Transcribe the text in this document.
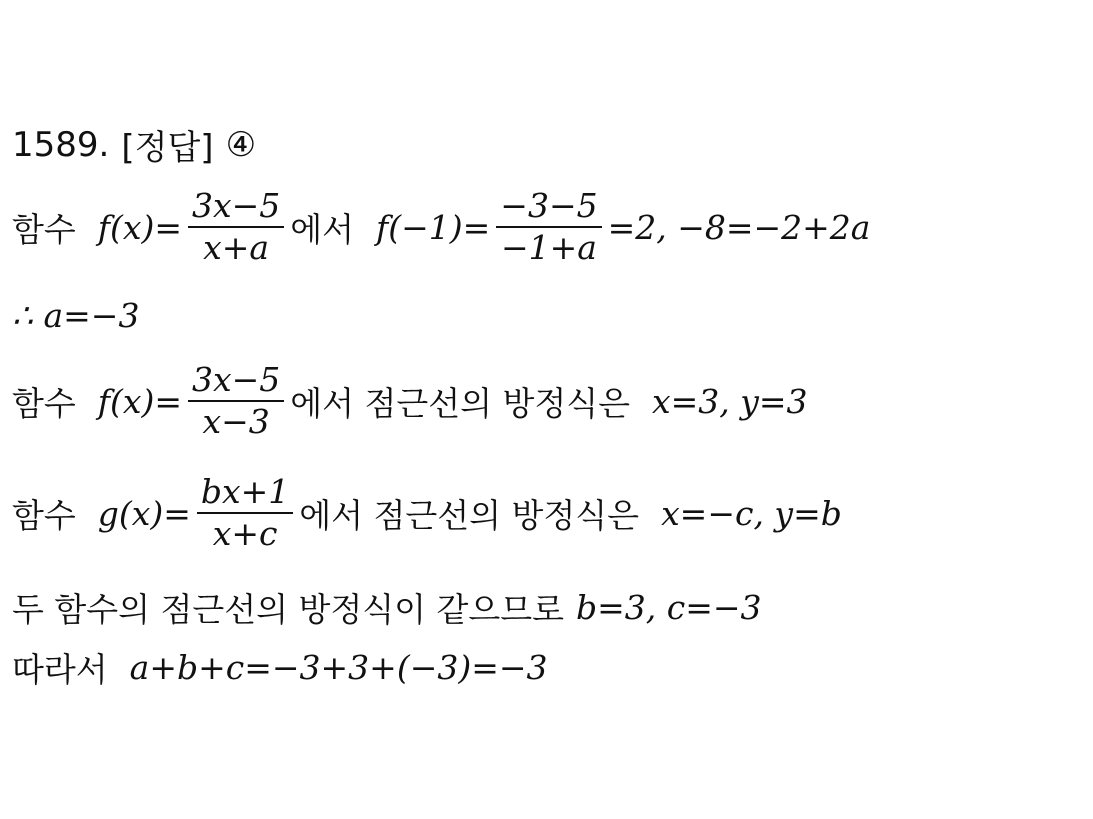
1589. [정답] ④
함수 $f(x)= \frac{3x-5}{x+a}$ 에서 $f(-1)= \frac{-3-5}{-1+a} =2$, −8=−2+2a
∴ a=−3
함수 $f(x)= \frac{3x-5}{x-3}$ 에서 점근선의 방정식은 x=3, y=3
함수 $g(x)= \frac{bx+1}{x+c}$ 에서 점근선의 방정식은 x=−c, y=b
두 함수의 점근선의 방정식이 같으므로 b=3, c=−3
따라서 a+b+c=−3+3+(−3)=−3
